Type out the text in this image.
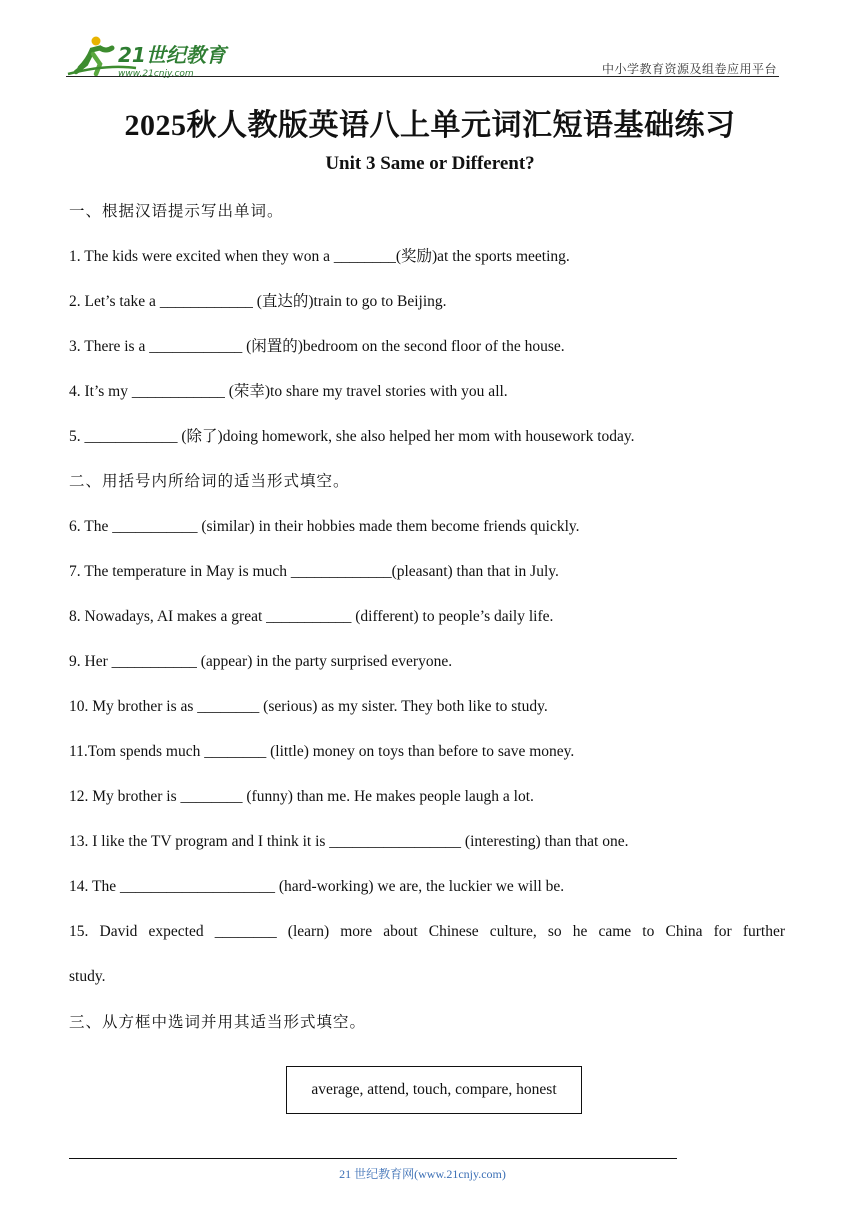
21世纪教育
www.21cnjy.com	中小学教育资源及组卷应用平台
2025秋人教版英语八上单元词汇短语基础练习
Unit 3 Same or Different?
一、根据汉语提示写出单词。
1. The kids were excited when they won a ________(奖励)at the sports meeting.
2. Let’s take a ____________ (直达的)train to go to Beijing.
3. There is a ____________ (闲置的)bedroom on the second floor of the house.
4. It’s my ____________ (荣幸)to share my travel stories with you all.
5. ____________ (除了)doing homework, she also helped her mom with housework today.
二、用括号内所给词的适当形式填空。
6. The ___________ (similar) in their hobbies made them become friends quickly.
7. The temperature in May is much _____________(pleasant) than that in July.
8. Nowadays, AI makes a great ___________ (different) to people’s daily life.
9. Her ___________ (appear) in the party surprised everyone.
10. My brother is as ________ (serious) as my sister. They both like to study.
11.Tom spends much ________ (little) money on toys than before to save money.
12. My brother is ________ (funny) than me. He makes people laugh a lot.
13. I like the TV program and I think it is _________________ (interesting) than that one.
14. The ____________________ (hard-working) we are, the luckier we will be.
15. David expected ________ (learn) more about Chinese culture, so he came to China for further
study.
三、从方框中选词并用其适当形式填空。
average, attend, touch, compare, honest
21 世纪教育网(www.21cnjy.com)
